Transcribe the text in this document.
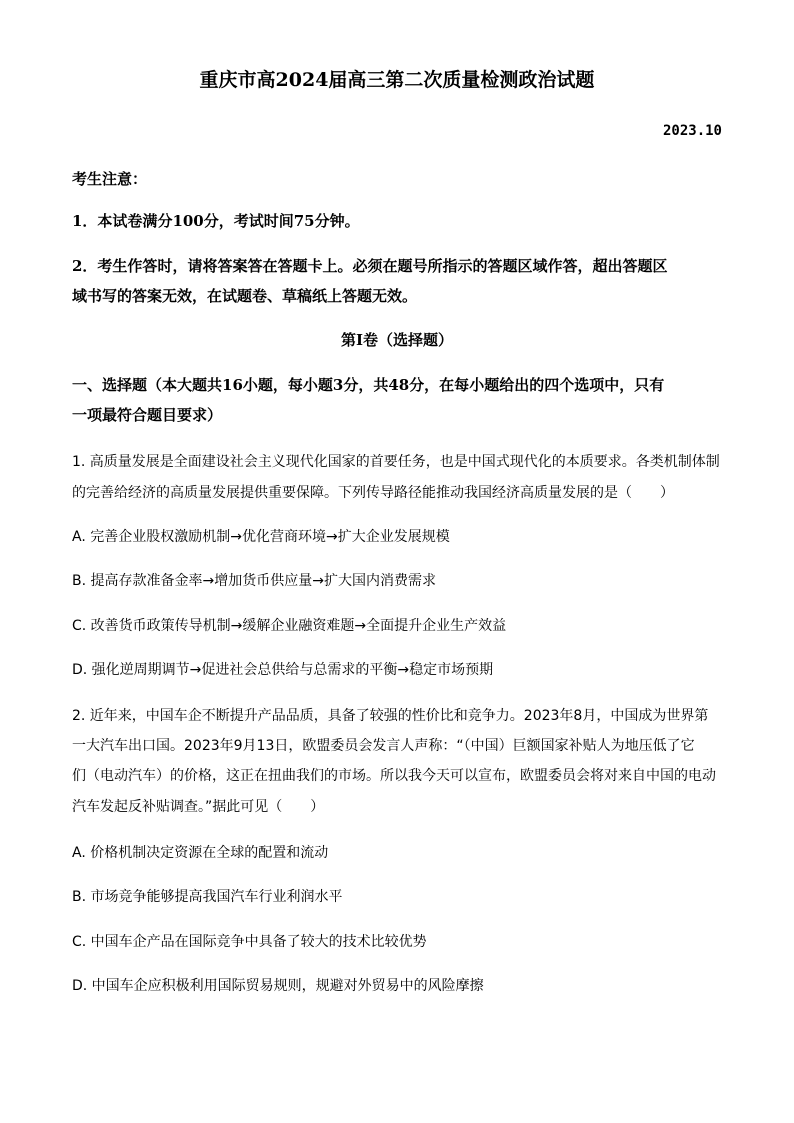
重庆市高2024届高三第二次质量检测政治试题
2023.10
考生注意：
1．本试卷满分100分，考试时间75分钟。
2．考生作答时，请将答案答在答题卡上。必须在题号所指示的答题区域作答，超出答题区
域书写的答案无效，在试题卷、草稿纸上答题无效。
第Ⅰ卷（选择题）
一、选择题（本大题共16小题，每小题3分，共48分，在每小题给出的四个选项中，只有
一项最符合题目要求）
1. 高质量发展是全面建设社会主义现代化国家的首要任务，也是中国式现代化的本质要求。各类机制体制
的完善给经济的高质量发展提供重要保障。下列传导路径能推动我国经济高质量发展的是（　　）
A. 完善企业股权激励机制→优化营商环境→扩大企业发展规模
B. 提高存款准备金率→增加货币供应量→扩大国内消费需求
C. 改善货币政策传导机制→缓解企业融资难题→全面提升企业生产效益
D. 强化逆周期调节→促进社会总供给与总需求的平衡→稳定市场预期
2. 近年来，中国车企不断提升产品品质，具备了较强的性价比和竞争力。2023年8月，中国成为世界第
一大汽车出口国。2023年9月13日，欧盟委员会发言人声称：“（中国）巨额国家补贴人为地压低了它
们（电动汽车）的价格，这正在扭曲我们的市场。所以我今天可以宣布，欧盟委员会将对来自中国的电动
汽车发起反补贴调查。”据此可见（　　）
A. 价格机制决定资源在全球的配置和流动
B. 市场竞争能够提高我国汽车行业利润水平
C. 中国车企产品在国际竞争中具备了较大的技术比较优势
D. 中国车企应积极利用国际贸易规则，规避对外贸易中的风险摩擦
